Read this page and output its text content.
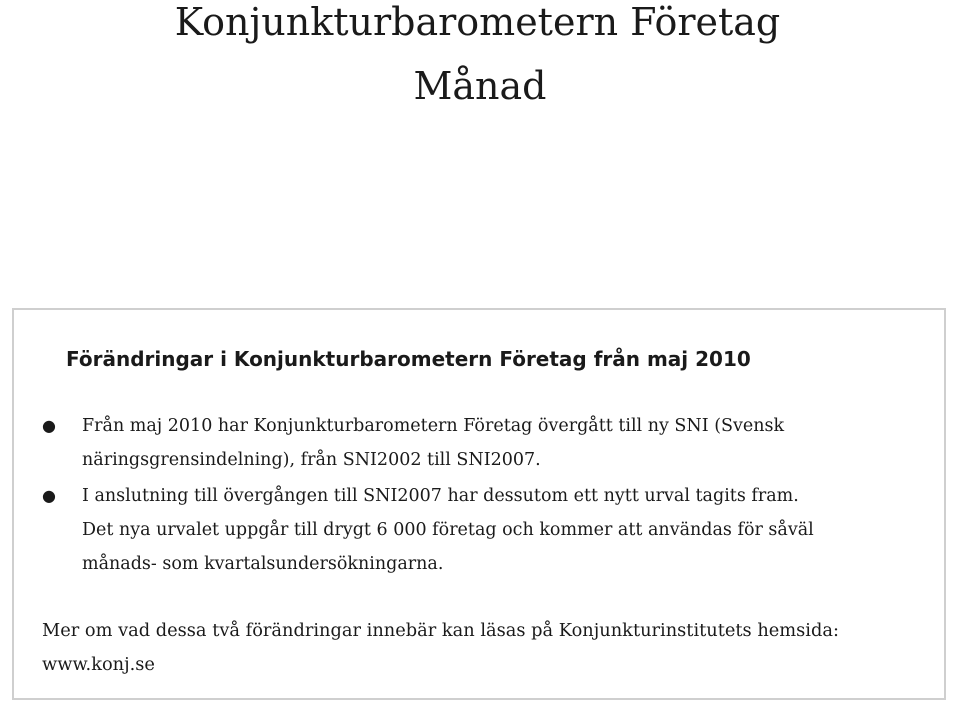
Konjunkturbarometern Företag
Månad
Förändringar i Konjunkturbarometern Företag från maj 2010
● Från maj 2010 har Konjunkturbarometern Företag övergått till ny SNI (Svensk
näringsgrensindelning), från SNI2002 till SNI2007.
● I anslutning till övergången till SNI2007 har dessutom ett nytt urval tagits fram.
Det nya urvalet uppgår till drygt 6 000 företag och kommer att användas för såväl
månads- som kvartalsundersökningarna.
Mer om vad dessa två förändringar innebär kan läsas på Konjunkturinstitutets hemsida:
www.konj.se
